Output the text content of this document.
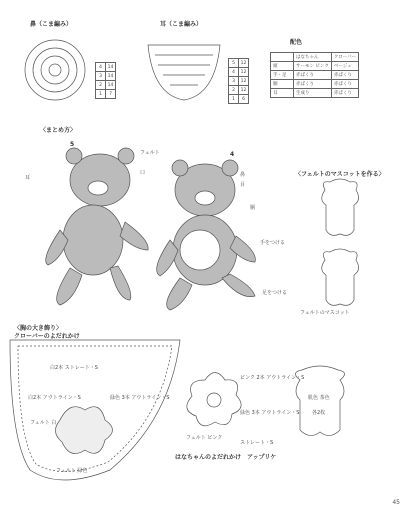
鼻（こま編み）	耳（こま編み）
配色
4	14
3	14
2	14
1	7
5	12
4	12
3	12
2	12
1	6
	はなちゃん	クローバー
頭	サーモン ピンク	ベージュ
手・足	赤ぱくり	赤ぱくり
胴	赤ぱくり	赤ぱくり
耳	生成り	赤ぱくり
〈まとめ方〉
5
4
フェルト
口	鼻
目
耳
胴
手をつける
足をつける
〈フェルトのマスコットを作る〉
フェルトのマスコット
〈胸の大き飾り〉
クローバーのよだれかけ
白2本 ストレート・S
白2本 アウトライン・S	緑色 3本 アウトライン・S
フェルト 白
フェルト 緑色
ピンク 2本 アウトライン・S
緑色 3本 アウトライン・S
ストレート・S
フェルト ピンク
はなちゃんのよだれかけ　アップリケ
肌色 茶色
各2枚
45
